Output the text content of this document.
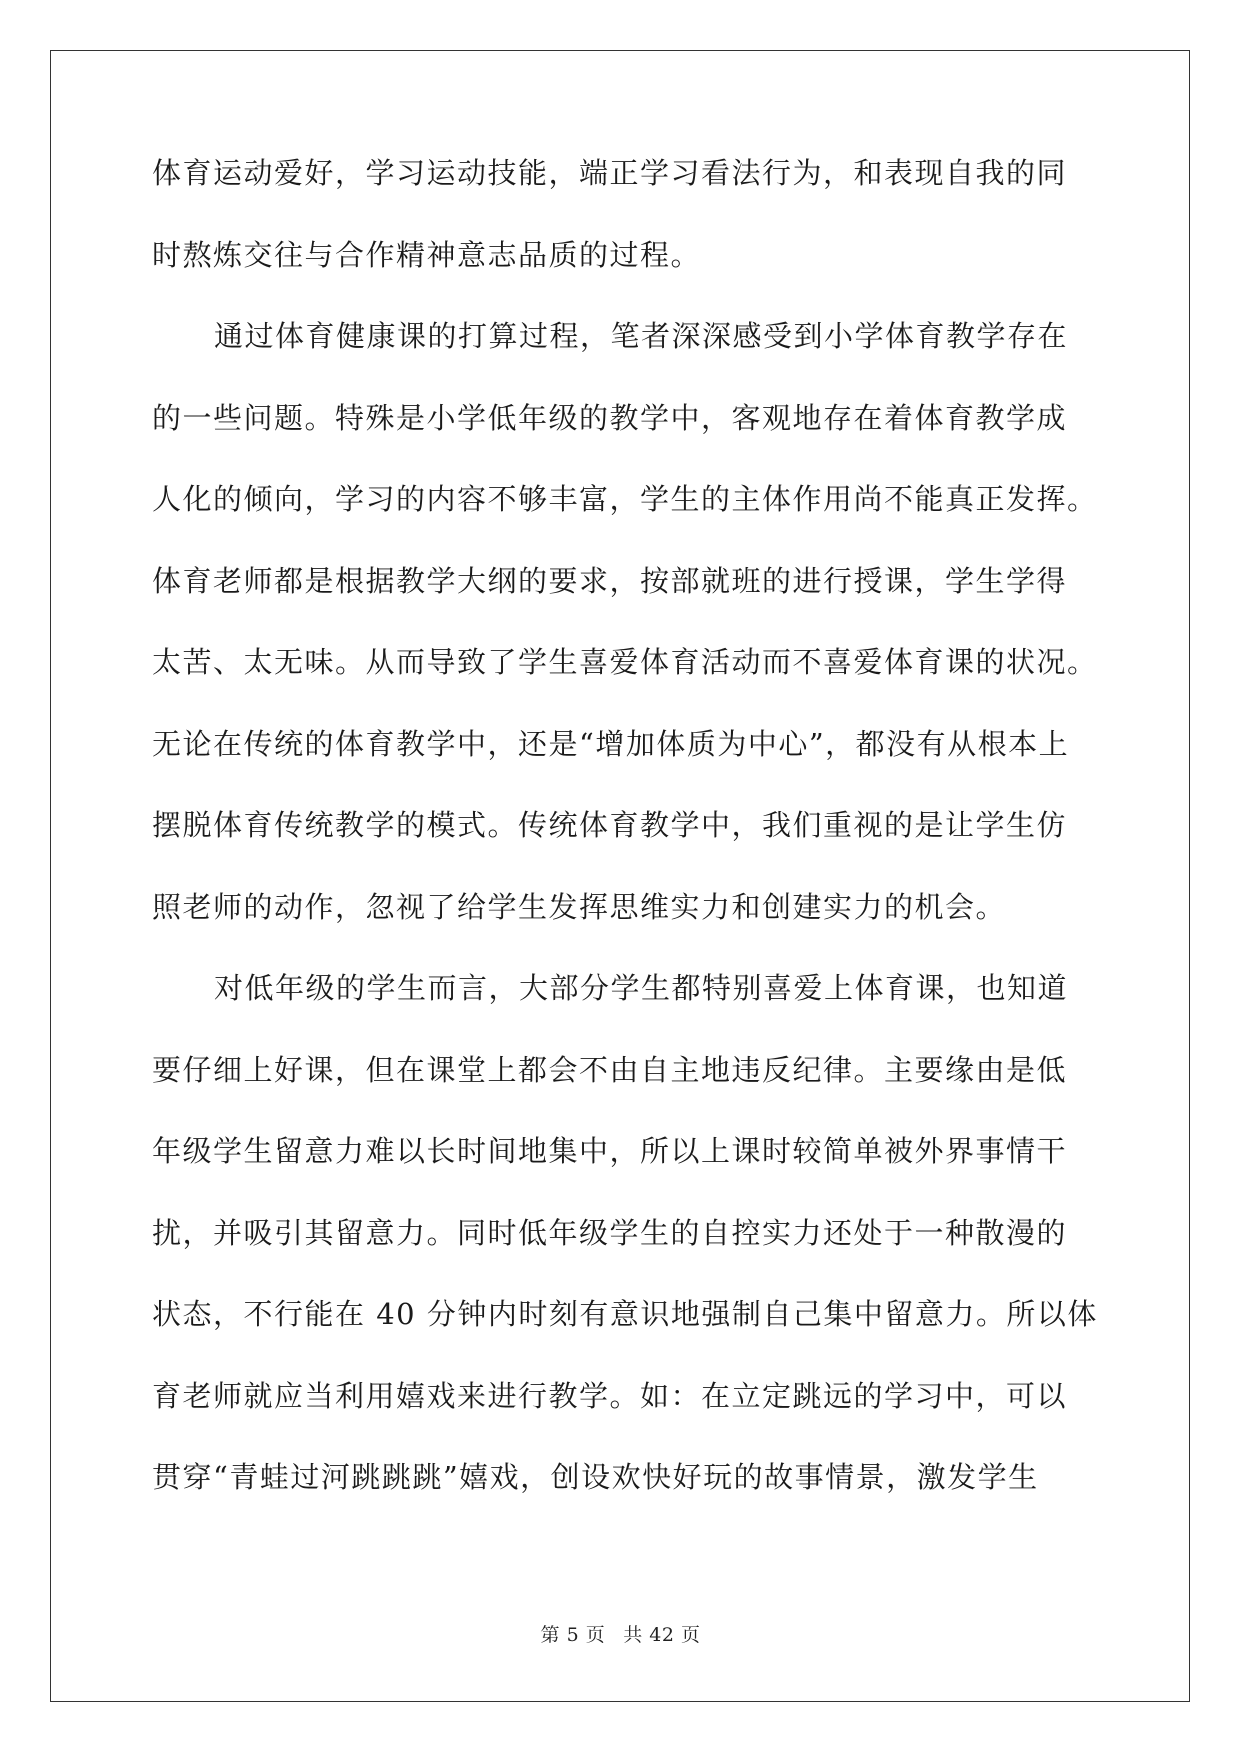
体育运动爱好，学习运动技能，端正学习看法行为，和表现自我的同
时熬炼交往与合作精神意志品质的过程。
通过体育健康课的打算过程，笔者深深感受到小学体育教学存在
的一些问题。特殊是小学低年级的教学中，客观地存在着体育教学成
人化的倾向，学习的内容不够丰富，学生的主体作用尚不能真正发挥。
体育老师都是根据教学大纲的要求，按部就班的进行授课，学生学得
太苦、太无味。从而导致了学生喜爱体育活动而不喜爱体育课的状况。
无论在传统的体育教学中，还是“增加体质为中心”，都没有从根本上
摆脱体育传统教学的模式。传统体育教学中，我们重视的是让学生仿
照老师的动作，忽视了给学生发挥思维实力和创建实力的机会。
对低年级的学生而言，大部分学生都特别喜爱上体育课，也知道
要仔细上好课，但在课堂上都会不由自主地违反纪律。主要缘由是低
年级学生留意力难以长时间地集中，所以上课时较简单被外界事情干
扰，并吸引其留意力。同时低年级学生的自控实力还处于一种散漫的
状态，不行能在 40 分钟内时刻有意识地强制自己集中留意力。所以体
育老师就应当利用嬉戏来进行教学。如：在立定跳远的学习中，可以
贯穿“青蛙过河跳跳跳”嬉戏，创设欢快好玩的故事情景，激发学生
第 5 页 共 42 页
